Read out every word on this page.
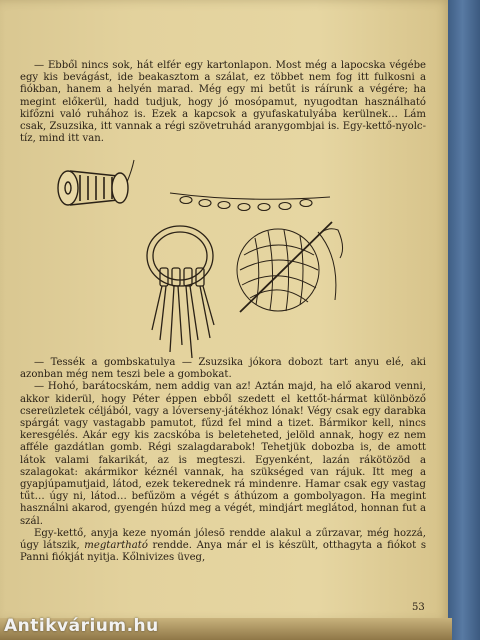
— Ebből nincs sok, hát elfér egy kartonlapon. Most még a lapocska végébe egy kis bevágást, ide beakasztom a szálat, ez többet nem fog itt fulkosni a fiókban, hanem a helyén marad. Még egy mi betűt is ráírunk a végére; ha megint előkerül, hadd tudjuk, hogy jó mosópamut, nyugodtan használható kifőzni való ruhához is. Ezek a kapcsok a gyufaskatulyába kerülnek… Lám csak, Zsuzsika, itt vannak a régi szövetruhád aranygombjai is. Egy-kettő-nyolc-tíz, mind itt van.

— Tessék a gombskatulya — Zsuzsika jókora dobozt tart anyu elé, aki azonban még nem teszi bele a gombokat.

— Hohó, barátocskám, nem addig van az! Aztán majd, ha elő akarod venni, akkor kiderül, hogy Péter éppen ebből szedett el kettőt-hármat különböző csereüzletek céljából, vagy a lóverseny-játékhoz lónak! Végy csak egy darabka spárgát vagy vastagabb pamutot, fűzd fel mind a tizet. Bármikor kell, nincs keresgélés. Akár egy kis zacskóba is beleteheted, jelöld annak, hogy ez nem afféle gazdátlan gomb. Régi szalagdarabok! Tehetjük dobozba is, de amott látok valami fakarikát, az is megteszi. Egyenként, lazán rákötözöd a szalagokat: akármikor kéznél vannak, ha szükséged van rájuk. Itt meg a gyapjúpamutjaid, látod, ezek tekerednek rá mindenre. Hamar csak egy vastag tűt… úgy ni, látod… befűzöm a végét s áthúzom a gombolyagon. Ha megint használni akarod, gyengén húzd meg a végét, mindjárt meglátod, honnan fut a szál.

Egy-kettő, anyja keze nyomán jólesõ rendde alakul a zűrzavar, még hozzá, úgy látszik, megtartható rendde. Anya már el is készült, otthagyta a fiókot s Panni fiókját nyitja. Kőlnivizes üveg,

53
Antikvárium.hu
